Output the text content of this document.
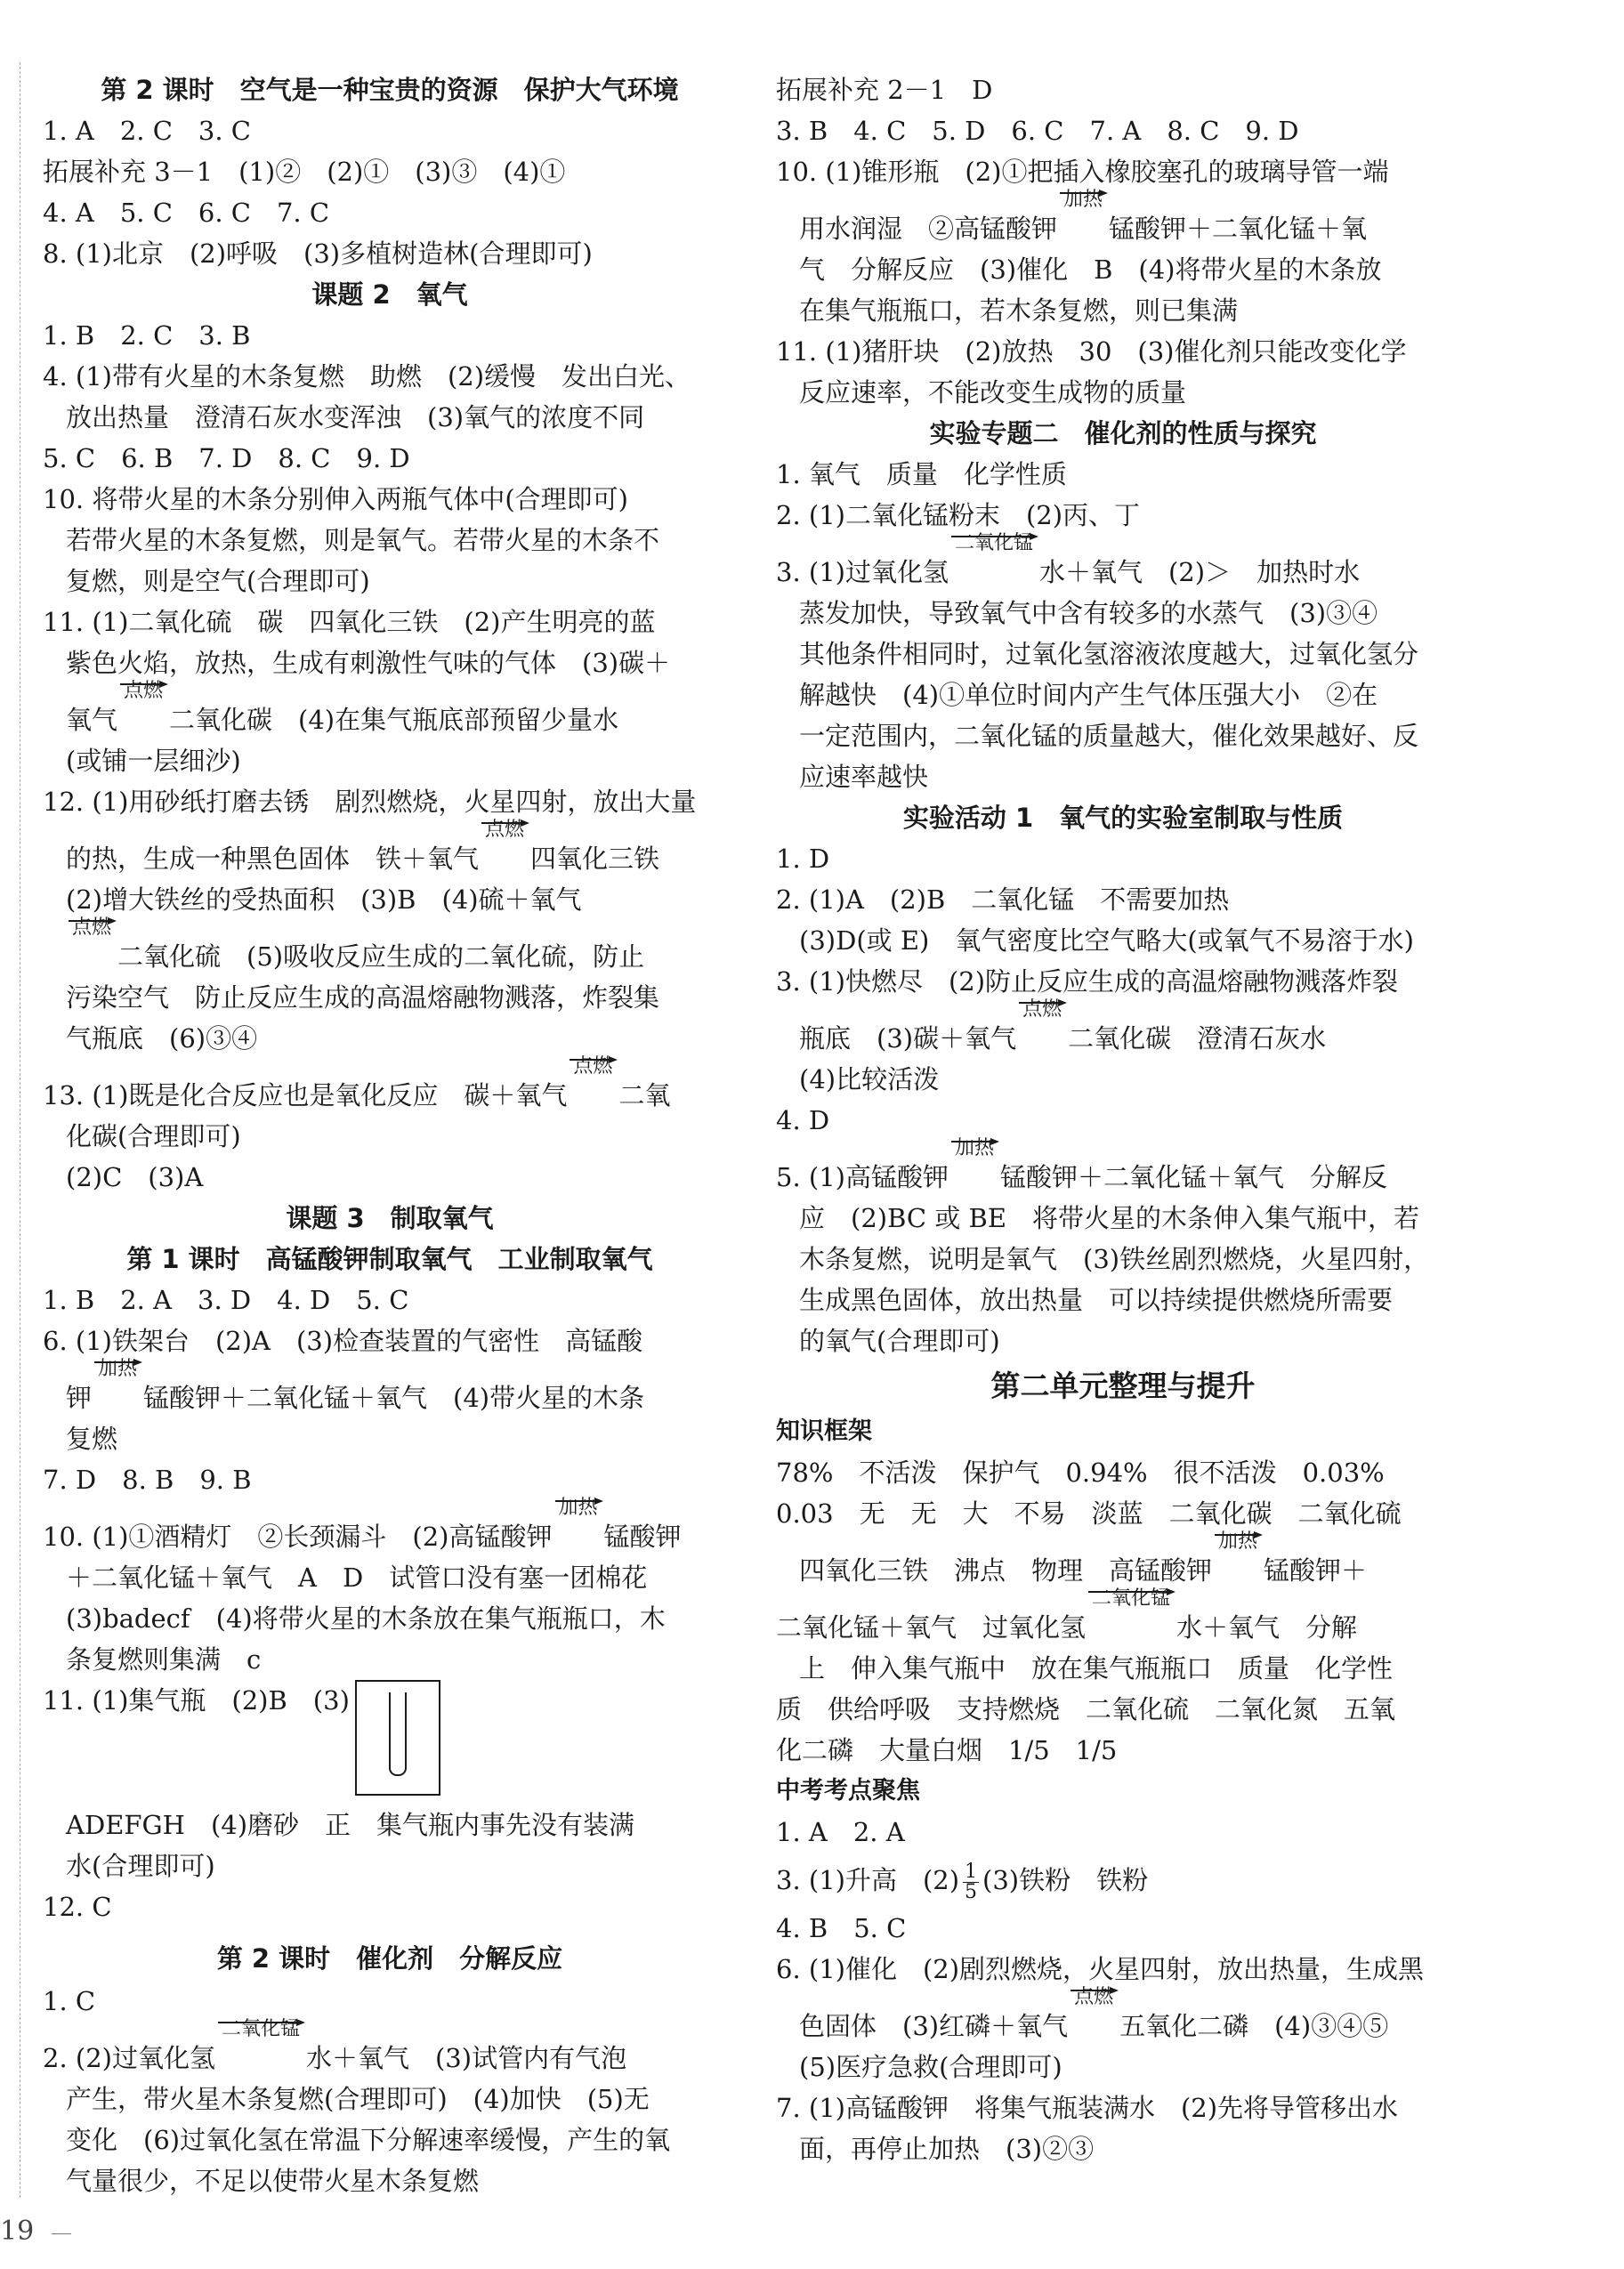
第 2 课时　空气是一种宝贵的资源　保护大气环境

1. A　2. C　3. C

拓展补充 3－1　(1)②　(2)①　(3)③　(4)①

4. A　5. C　6. C　7. C

8. (1)北京　(2)呼吸　(3)多植树造林(合理即可)

课题 2　氧气

1. B　2. C　3. B

4. (1)带有火星的木条复燃　助燃　(2)缓慢　发出白光、

放出热量　澄清石灰水变浑浊　(3)氧气的浓度不同

5. C　6. B　7. D　8. C　9. D

10. 将带火星的木条分别伸入两瓶气体中(合理即可)

若带火星的木条复燃，则是氧气。若带火星的木条不

复燃，则是空气(合理即可)

11. (1)二氧化硫　碳　四氧化三铁　(2)产生明亮的蓝

紫色火焰，放热，生成有刺激性气味的气体　(3)碳＋

氧气$^{点燃}$二氧化碳　(4)在集气瓶底部预留少量水

(或铺一层细沙)

12. (1)用砂纸打磨去锈　剧烈燃烧，火星四射，放出大量

的热，生成一种黑色固体　铁＋氧气$^{点燃}$四氧化三铁

(2)增大铁丝的受热面积　(3)B　(4)硫＋氧气

$^{点燃}$二氧化硫　(5)吸收反应生成的二氧化硫，防止

污染空气　防止反应生成的高温熔融物溅落，炸裂集

气瓶底　(6)③④

13. (1)既是化合反应也是氧化反应　碳＋氧气$^{点燃}$二氧

化碳(合理即可)

(2)C　(3)A

课题 3　制取氧气

第 1 课时　高锰酸钾制取氧气　工业制取氧气

1. B　2. A　3. D　4. D　5. C

6. (1)铁架台　(2)A　(3)检查装置的气密性　高锰酸

钾$^{加热}$锰酸钾＋二氧化锰＋氧气　(4)带火星的木条

复燃

7. D　8. B　9. B

10. (1)①酒精灯　②长颈漏斗　(2)高锰酸钾$^{加热}$锰酸钾

＋二氧化锰＋氧气　A　D　试管口没有塞一团棉花

(3)badecf　(4)将带火星的木条放在集气瓶瓶口，木

条复燃则集满　c

11. (1)集气瓶　(2)B　(3)

ADEFGH　(4)磨砂　正　集气瓶内事先没有装满

水(合理即可)

12. C

第 2 课时　催化剂　分解反应

1. C

2. (2)过氧化氢$^{二氧化锰}$水＋氧气　(3)试管内有气泡

产生，带火星木条复燃(合理即可)　(4)加快　(5)无

变化　(6)过氧化氢在常温下分解速率缓慢，产生的氧

气量很少，不足以使带火星木条复燃

拓展补充 2－1　D

3. B　4. C　5. D　6. C　7. A　8. C　9. D

10. (1)锥形瓶　(2)①把插入橡胶塞孔的玻璃导管一端

用水润湿　②高锰酸钾$^{加热}$锰酸钾＋二氧化锰＋氧

气　分解反应　(3)催化　B　(4)将带火星的木条放

在集气瓶瓶口，若木条复燃，则已集满

11. (1)猪肝块　(2)放热　30　(3)催化剂只能改变化学

反应速率，不能改变生成物的质量

实验专题二　催化剂的性质与探究

1. 氧气　质量　化学性质

2. (1)二氧化锰粉末　(2)丙、丁

3. (1)过氧化氢$^{二氧化锰}$水＋氧气　(2)＞　加热时水

蒸发加快，导致氧气中含有较多的水蒸气　(3)③④

其他条件相同时，过氧化氢溶液浓度越大，过氧化氢分

解越快　(4)①单位时间内产生气体压强大小　②在

一定范围内，二氧化锰的质量越大，催化效果越好、反

应速率越快

实验活动 1　氧气的实验室制取与性质

1. D

2. (1)A　(2)B　二氧化锰　不需要加热

(3)D(或 E)　氧气密度比空气略大(或氧气不易溶于水)

3. (1)快燃尽　(2)防止反应生成的高温熔融物溅落炸裂

瓶底　(3)碳＋氧气$^{点燃}$二氧化碳　澄清石灰水

(4)比较活泼

4. D

5. (1)高锰酸钾$^{加热}$锰酸钾＋二氧化锰＋氧气　分解反

应　(2)BC 或 BE　将带火星的木条伸入集气瓶中，若

木条复燃，说明是氧气　(3)铁丝剧烈燃烧，火星四射，

生成黑色固体，放出热量　可以持续提供燃烧所需要

的氧气(合理即可)

第二单元整理与提升

知识框架

78%　不活泼　保护气　0.94%　很不活泼　0.03%

0.03　无　无　大　不易　淡蓝　二氧化碳　二氧化硫

四氧化三铁　沸点　物理　高锰酸钾$^{加热}$锰酸钾＋

二氧化锰＋氧气　过氧化氢$^{二氧化锰}$水＋氧气　分解

上　伸入集气瓶中　放在集气瓶瓶口　质量　化学性

质　供给呼吸　支持燃烧　二氧化硫　二氧化氮　五氧

化二磷　大量白烟　1/5　1/5

中考考点聚焦

1. A　2. A

3. (1)升高　$(2) \frac{1}{5} (3)$铁粉　铁粉

4. B　5. C

6. (1)催化　(2)剧烈燃烧，火星四射，放出热量，生成黑

色固体　(3)红磷＋氧气$^{点燃}$五氧化二磷　(4)③④⑤

(5)医疗急救(合理即可)

7. (1)高锰酸钾　将集气瓶装满水　(2)先将导管移出水

面，再停止加热　(3)②③

19
